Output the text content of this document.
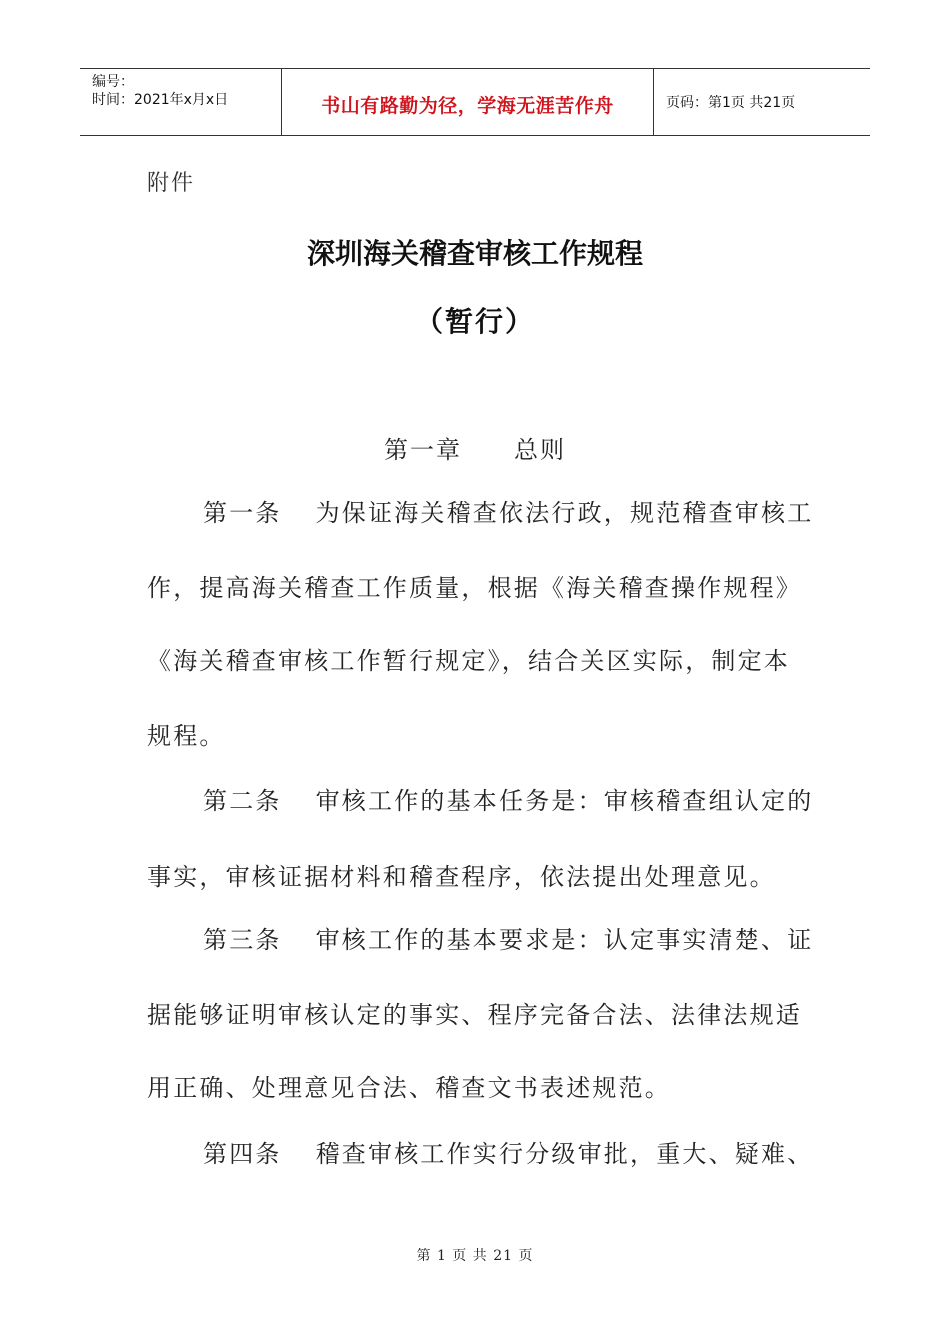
编号：
时间：2021年x月x日	书山有路勤为径，学海无涯苦作舟	页码：第1页 共21页
附件
深圳海关稽查审核工作规程
（暂行）
第一章 总则
第一条 为保证海关稽查依法行政，规范稽查审核工
作，提高海关稽查工作质量，根据《海关稽查操作规程》
《海关稽查审核工作暂行规定》，结合关区实际，制定本
规程。
第二条 审核工作的基本任务是：审核稽查组认定的
事实，审核证据材料和稽查程序，依法提出处理意见。
第三条 审核工作的基本要求是：认定事实清楚、证
据能够证明审核认定的事实、程序完备合法、法律法规适
用正确、处理意见合法、稽查文书表述规范。
第四条 稽查审核工作实行分级审批，重大、疑难、
第 1 页 共 21 页
